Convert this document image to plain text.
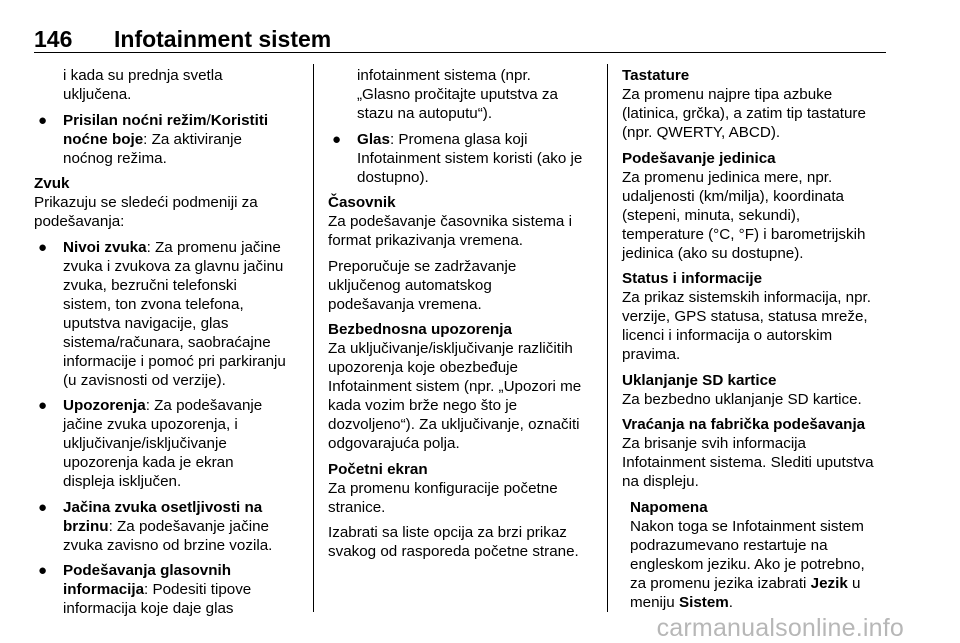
146 Infotainment sistem

i kada su prednja svetla

uključena.

● Prisilan noćni režim/Koristiti

noćne boje: Za aktiviranje

noćnog režima.

Zvuk

Prikazuju se sledeći podmeniji za

podešavanja:

● Nivoi zvuka: Za promenu jačine

zvuka i zvukova za glavnu jačinu

zvuka, bezručni telefonski

sistem, ton zvona telefona,

uputstva navigacije, glas

sistema/računara, saobraćajne

informacije i pomoć pri parkiranju

(u zavisnosti od verzije).

● Upozorenja: Za podešavanje

jačine zvuka upozorenja, i

uključivanje/isključivanje

upozorenja kada je ekran

displeja isključen.

● Jačina zvuka osetljivosti na

brzinu: Za podešavanje jačine

zvuka zavisno od brzine vozila.

● Podešavanja glasovnih

informacija: Podesiti tipove

informacija koje daje glas

infotainment sistema (npr.

„Glasno pročitajte uputstva za

stazu na autoputu“).

● Glas: Promena glasa koji

Infotainment sistem koristi (ako je

dostupno).

Časovnik

Za podešavanje časovnika sistema i

format prikazivanja vremena.

Preporučuje se zadržavanje

uključenog automatskog

podešavanja vremena.

Bezbednosna upozorenja

Za uključivanje/isključivanje različitih

upozorenja koje obezbeđuje

Infotainment sistem (npr. „Upozori me

kada vozim brže nego što je

dozvoljeno“). Za uključivanje, označiti

odgovarajuća polja.

Početni ekran

Za promenu konfiguracije početne

stranice.

Izabrati sa liste opcija za brzi prikaz

svakog od rasporeda početne strane.

Tastature

Za promenu najpre tipa azbuke

(latinica, grčka), a zatim tip tastature

(npr. QWERTY, ABCD).

Podešavanje jedinica

Za promenu jedinica mere, npr.

udaljenosti (km/milja), koordinata

(stepeni, minuta, sekundi),

temperature (°C, °F) i barometrijskih

jedinica (ako su dostupne).

Status i informacije

Za prikaz sistemskih informacija, npr.

verzije, GPS statusa, statusa mreže,

licenci i informacija o autorskim

pravima.

Uklanjanje SD kartice

Za bezbedno uklanjanje SD kartice.

Vraćanja na fabrička podešavanja

Za brisanje svih informacija

Infotainment sistema. Slediti uputstva

na displeju.

Napomena

Nakon toga se Infotainment sistem

podrazumevano restartuje na

engleskom jeziku. Ako je potrebno,

za promenu jezika izabrati Jezik u

meniju Sistem.

carmanualsonline.info
